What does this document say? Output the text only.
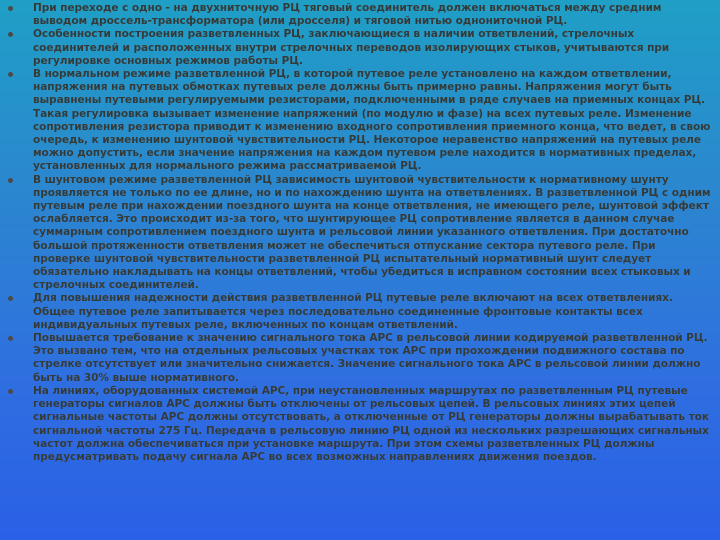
При переходе с одно - на двухниточную РЦ тяговый соединитель должен включаться между средним выводом дроссель-трансформатора (или дросселя) и тяговой нитью однониточной РЦ.
Особенности построения разветвленных РЦ, заключающиеся в наличии ответвлений, стрелочных соединителей и расположенных внутри стрелочных переводов изолирующих стыков, учитываются при регулировке основных режимов работы РЦ.
В нормальном режиме разветвленной РЦ, в которой путевое реле установлено на каждом ответвлении, напряжения на путевых обмотках путевых реле должны быть примерно равны. Напряжения могут быть выравнены путевыми регулируемыми резисторами, подключенными в ряде случаев на приемных концах РЦ. Такая регулировка вызывает изменение напряжений (по модулю и фазе) на всех путевых реле. Изменение сопротивления резистора приводит к изменению входного сопротивления приемного конца, что ведет, в свою очередь, к изменению шунтовой чувствительности РЦ. Некоторое неравенство напряжений на путевых реле можно допустить, если значение напряжения на каждом путевом реле находится в нормативных пределах, установленных для нормального режима рассматриваемой РЦ.
В шунтовом режиме разветвленной РЦ зависимость шунтовой чувствительности к нормативному шунту проявляется не только по ее длине, но и по нахождению шунта на ответвлениях. В разветвленной РЦ с одним путевым реле при нахождении поездного шунта на конце ответвления, не имеющего реле, шунтовой эффект ослабляется. Это происходит из-за того, что шунтирующее РЦ сопротивление является в данном случае суммарным сопротивлением поездного шунта и рельсовой линии указанного ответвления. При достаточно большой протяженности ответвления может не обеспечиться отпускание сектора путевого реле. При проверке шунтовой чувствительности разветвленной РЦ испытательный нормативный шунт следует обязательно накладывать на концы ответвлений, чтобы убедиться в исправном состоянии всех стыковых и стрелочных соединителей.
Для повышения надежности действия разветвленной РЦ путевые реле включают на всех ответвлениях. Общее путевое реле запитывается через последовательно соединенные фронтовые контакты всех индивидуальных путевых реле, включенных по концам ответвлений.
Повышается требование к значению сигнального тока АРС в рельсовой линии кодируемой разветвленной РЦ. Это вызвано тем, что на отдельных рельсовых участках ток АРС при прохождении подвижного состава по стрелке отсутствует или значительно снижается. Значение сигнального тока АРС в рельсовой линии должно быть на 30% выше нормативного.
На линиях, оборудованных системой АРС, при неустановленных маршрутах по разветвленным РЦ путевые генераторы сигналов АРС должны быть отключены от рельсовых цепей. В рельсовых линиях этих цепей сигнальные частоты АРС должны отсутствовать, а отключенные от РЦ генераторы должны вырабатывать ток сигнальной частоты 275 Гц. Передача в рельсовую линию РЦ одной из нескольких разрешающих сигнальных частот должна обеспечиваться при установке маршрута. При этом схемы разветвленных РЦ должны предусматривать подачу сигнала АРС во всех возможных направлениях движения поездов.
